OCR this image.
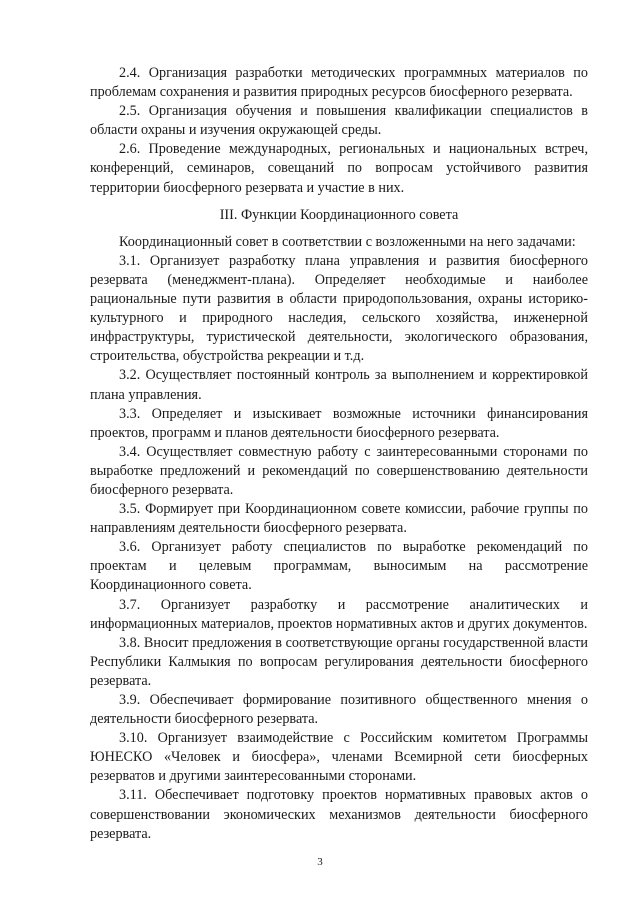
2.4. Организация разработки методических программных материалов по проблемам сохранения и развития природных ресурсов биосферного резервата.

2.5. Организация обучения и повышения квалификации специалистов в области охраны и изучения окружающей среды.

2.6. Проведение международных, региональных и национальных встреч, конференций, семинаров, совещаний по вопросам устойчивого развития территории биосферного резервата и участие в них.

III. Функции Координационного совета

Координационный совет в соответствии с возложенными на него задачами:

3.1. Организует разработку плана управления и развития биосферного резервата (менеджмент-плана). Определяет необходимые и наиболее рациональные пути развития в области природопользования, охраны историко-культурного и природного наследия, сельского хозяйства, инженерной инфраструктуры, туристической деятельности, экологического образования, строительства, обустройства рекреации и т.д.

3.2. Осуществляет постоянный контроль за выполнением и корректировкой плана управления.

3.3. Определяет и изыскивает возможные источники финансирования проектов, программ и планов деятельности биосферного резервата.

3.4. Осуществляет совместную работу с заинтересованными сторонами по выработке предложений и рекомендаций по совершенствованию деятельности биосферного резервата.

3.5. Формирует при Координационном совете комиссии, рабочие группы по направлениям деятельности биосферного резервата.

3.6. Организует работу специалистов по выработке рекомендаций по проектам и целевым программам, выносимым на рассмотрение Координационного совета.

3.7. Организует разработку и рассмотрение аналитических и информационных материалов, проектов нормативных актов и других документов.

3.8. Вносит предложения в соответствующие органы государственной власти Республики Калмыкия по вопросам регулирования деятельности биосферного резервата.

3.9. Обеспечивает формирование позитивного общественного мнения о деятельности биосферного резервата.

3.10. Организует взаимодействие с Российским комитетом Программы ЮНЕСКО «Человек и биосфера», членами Всемирной сети биосферных резерватов и другими заинтересованными сторонами.

3.11. Обеспечивает подготовку проектов нормативных правовых актов о совершенствовании экономических механизмов деятельности биосферного резервата.

3
